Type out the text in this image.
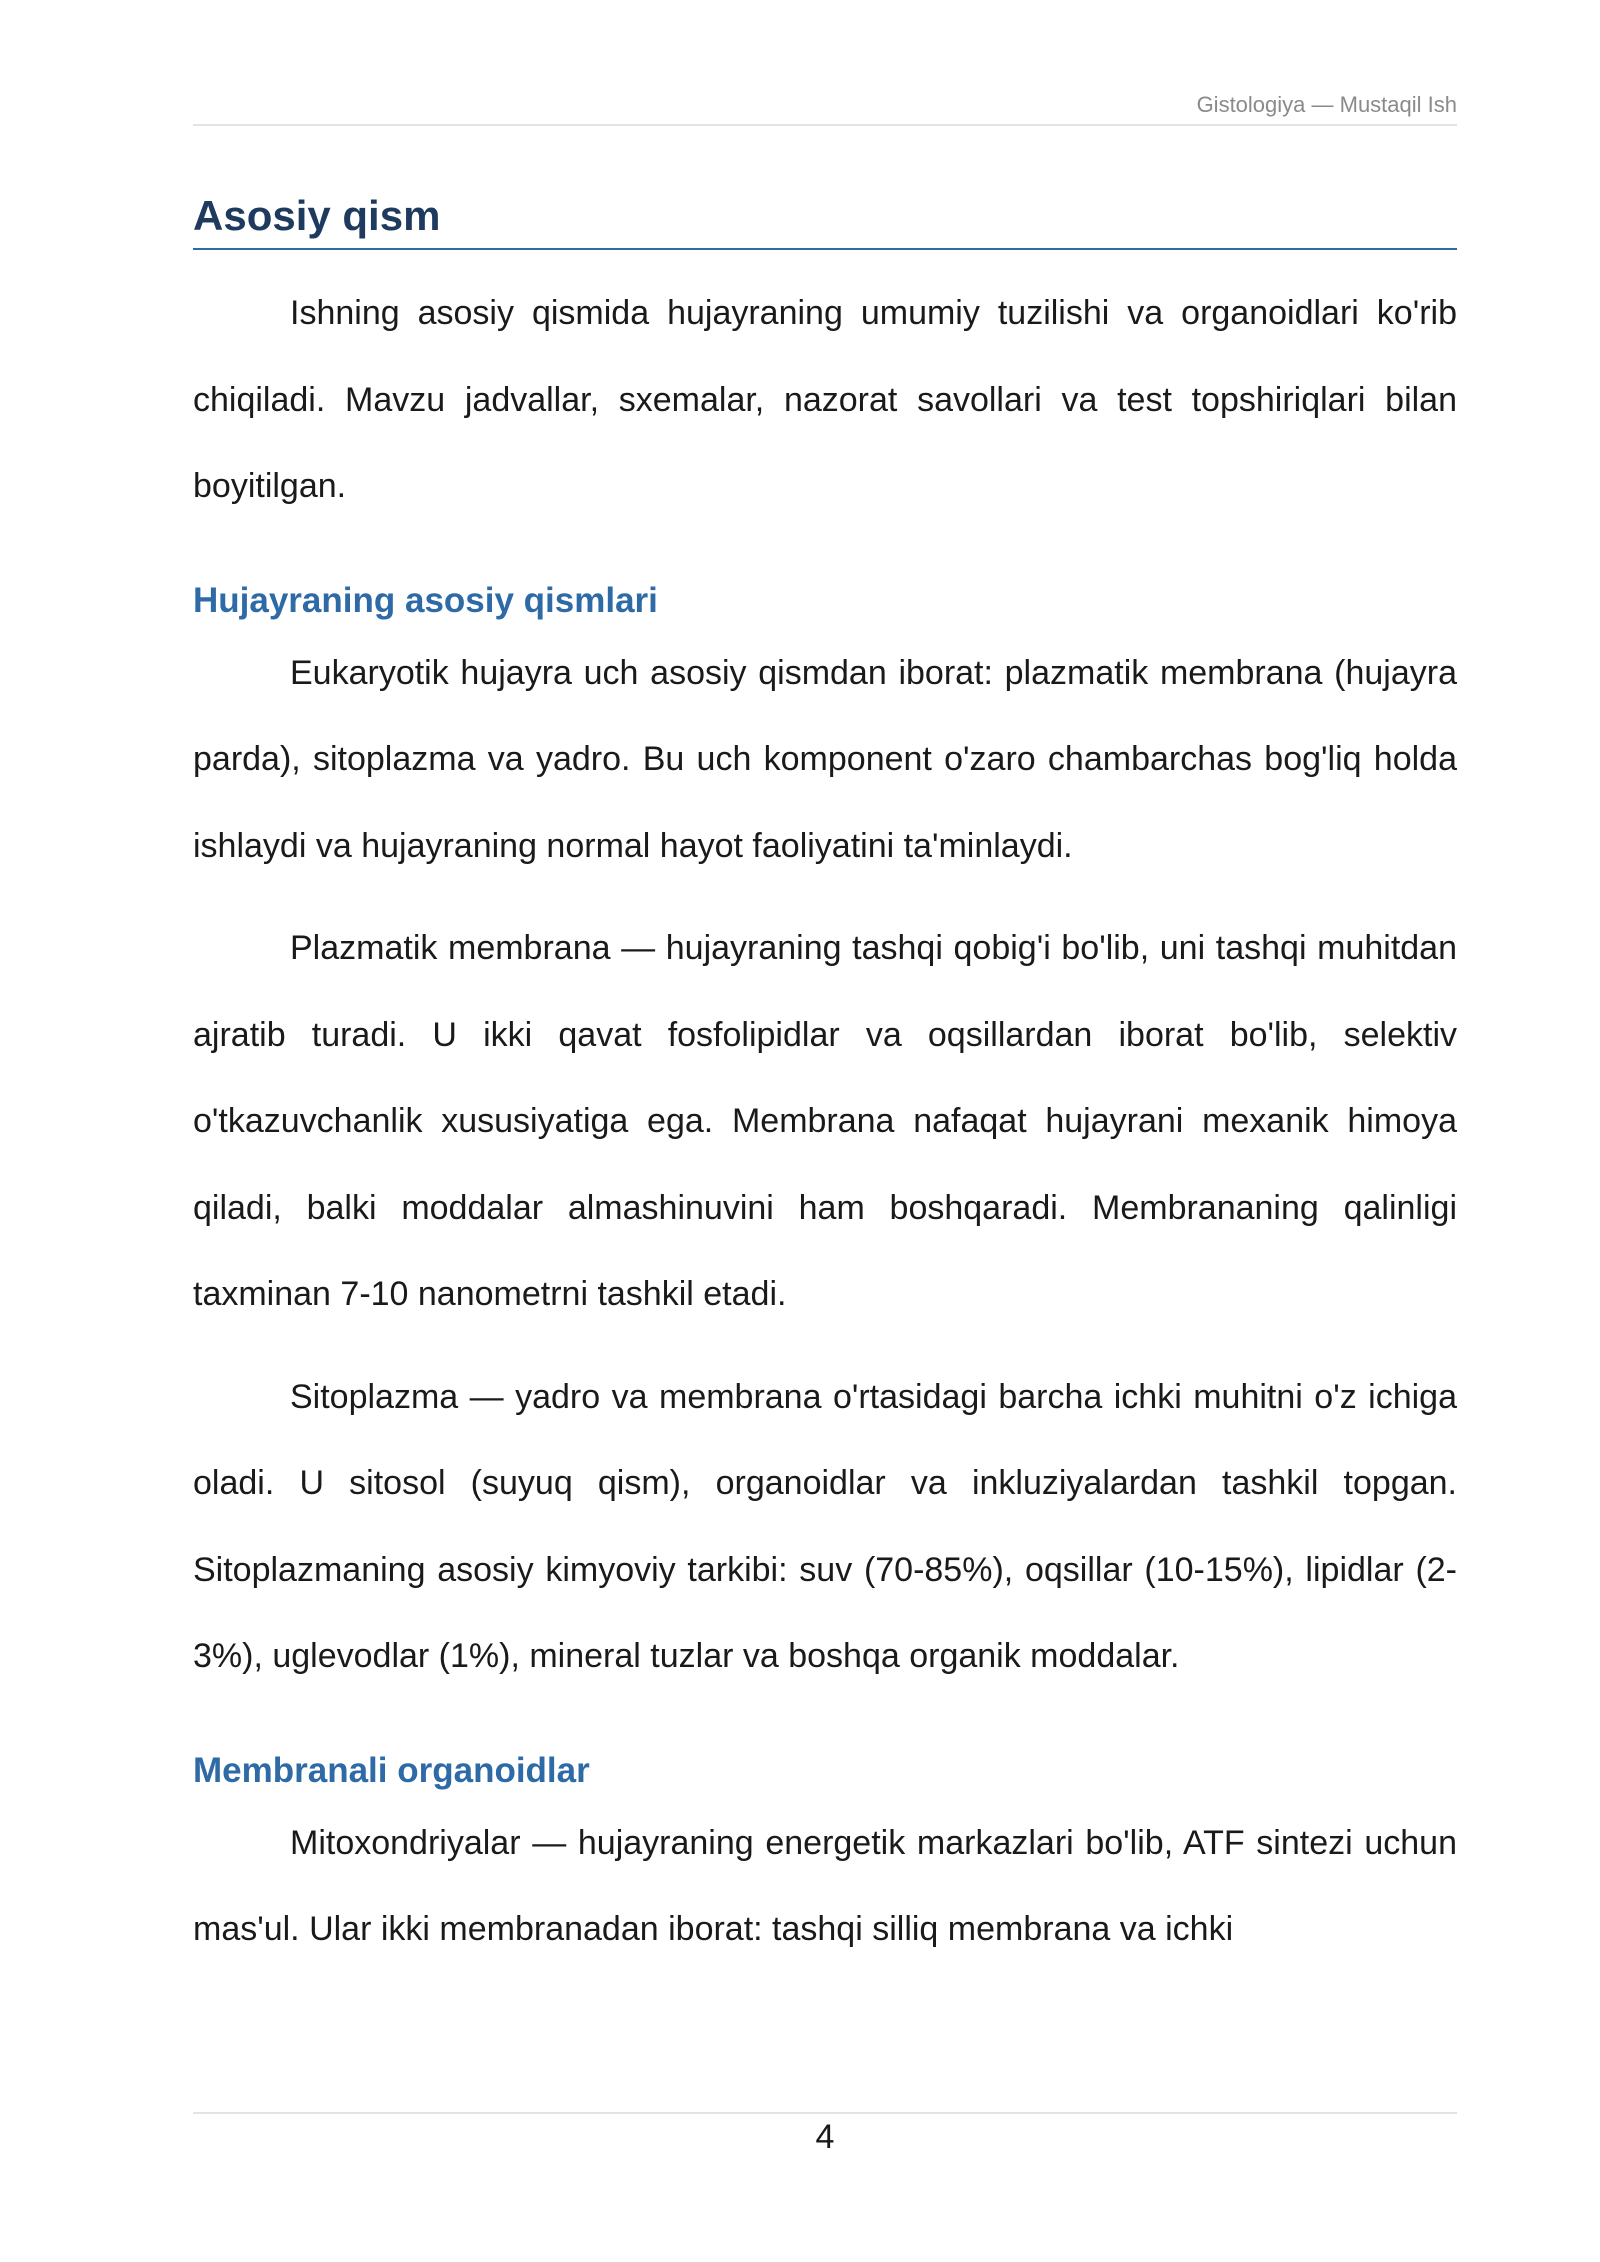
Gistologiya — Mustaqil Ish
Asosiy qism

Ishning asosiy qismida hujayraning umumiy tuzilishi va organoidlari ko'rib chiqiladi. Mavzu jadvallar, sxemalar, nazorat savollari va test topshiriqlari bilan boyitilgan.

Hujayraning asosiy qismlari

Eukaryotik hujayra uch asosiy qismdan iborat: plazmatik membrana (hujayra parda), sitoplazma va yadro. Bu uch komponent o'zaro chambarchas bog'liq holda ishlaydi va hujayraning normal hayot faoliyatini ta'minlaydi.

Plazmatik membrana — hujayraning tashqi qobig'i bo'lib, uni tashqi muhitdan ajratib turadi. U ikki qavat fosfolipidlar va oqsillardan iborat bo'lib, selektiv o'tkazuvchanlik xususiyatiga ega. Membrana nafaqat hujayrani mexanik himoya qiladi, balki moddalar almashinuvini ham boshqaradi. Membrananing qalinligi taxminan 7-10 nanometrni tashkil etadi.

Sitoplazma — yadro va membrana o'rtasidagi barcha ichki muhitni o'z ichiga oladi. U sitosol (suyuq qism), organoidlar va inkluziyalardan tashkil topgan. Sitoplazmaning asosiy kimyoviy tarkibi: suv (70-85%), oqsillar (10-15%), lipidlar (2-3%), uglevodlar (1%), mineral tuzlar va boshqa organik moddalar.

Membranali organoidlar

Mitoxondriyalar — hujayraning energetik markazlari bo'lib, ATF sintezi uchun mas'ul. Ular ikki membranadan iborat: tashqi silliq membrana va ichki

4
